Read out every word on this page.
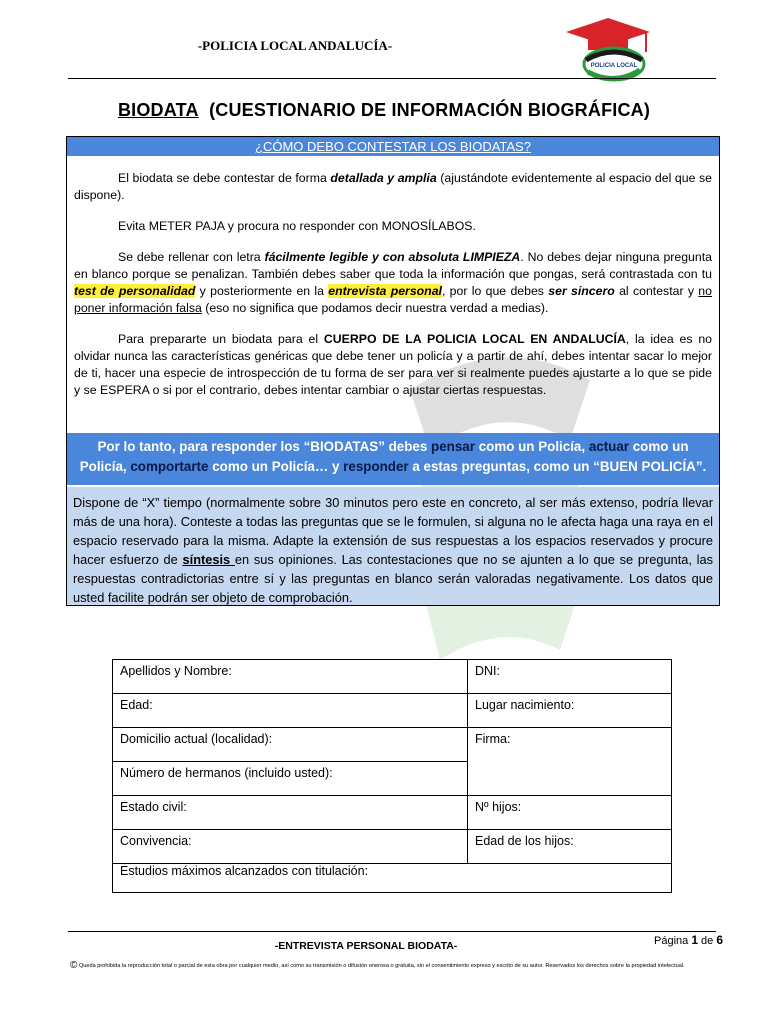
-POLICIA LOCAL ANDALUCÍA-
POLICIA LOCAL
BIODATA (CUESTIONARIO DE INFORMACIÓN BIOGRÁFICA)
¿CÓMO DEBO CONTESTAR LOS BIODATAS?

El biodata se debe contestar de forma detallada y amplia (ajustándote evidentemente al espacio del que se dispone).

Evita METER PAJA y procura no responder con MONOSÍLABOS.

Se debe rellenar con letra fácilmente legible y con absoluta LIMPIEZA. No debes dejar ninguna pregunta en blanco porque se penalizan. También debes saber que toda la información que pongas, será contrastada con tu test de personalidad y posteriormente en la entrevista personal, por lo que debes ser sincero al contestar y no poner información falsa (eso no significa que podamos decir nuestra verdad a medias).

Para prepararte un biodata para el CUERPO DE LA POLICIA LOCAL EN ANDALUCÍA, la idea es no olvidar nunca las características genéricas que debe tener un policía y a partir de ahí, debes intentar sacar lo mejor de ti, hacer una especie de introspección de tu forma de ser para ver si realmente puedes ajustarte a lo que se pide y se ESPERA o si por el contrario, debes intentar cambiar o ajustar ciertas respuestas.

Por lo tanto, para responder los “BIODATAS” debes pensar como un Policía, actuar como un Policía, comportarte como un Policía… y responder a estas preguntas, como un “BUEN POLICÍA”.
Dispone de “X” tiempo (normalmente sobre 30 minutos pero este en concreto, al ser más extenso, podría llevar más de una hora). Conteste a todas las preguntas que se le formulen, si alguna no le afecta haga una raya en el espacio reservado para la misma. Adapte la extensión de sus respuestas a los espacios reservados y procure hacer esfuerzo de síntesis en sus opiniones. Las contestaciones que no se ajunten a lo que se pregunta, las respuestas contradictorias entre sí y las preguntas en blanco serán valoradas negativamente. Los datos que usted facilite podrán ser objeto de comprobación.
Apellidos y Nombre:	DNI:
Edad:	Lugar nacimiento:
Domicilio actual (localidad):	Firma:
Número de hermanos (incluido usted):	
Estado civil:	Nº hijos:
Convivencia:	Edad de los hijos:
Estudios máximos alcanzados con titulación:	
Página 1 de 6
-ENTREVISTA PERSONAL BIODATA-
© Queda prohibida la reproducción total o parcial de esta obra por cualquier medio, así como su transmisión o difusión onerosa o gratuita, sin el consentimiento expreso y escrito de su autor. Reservados los derechos sobre la propiedad intelectual.
